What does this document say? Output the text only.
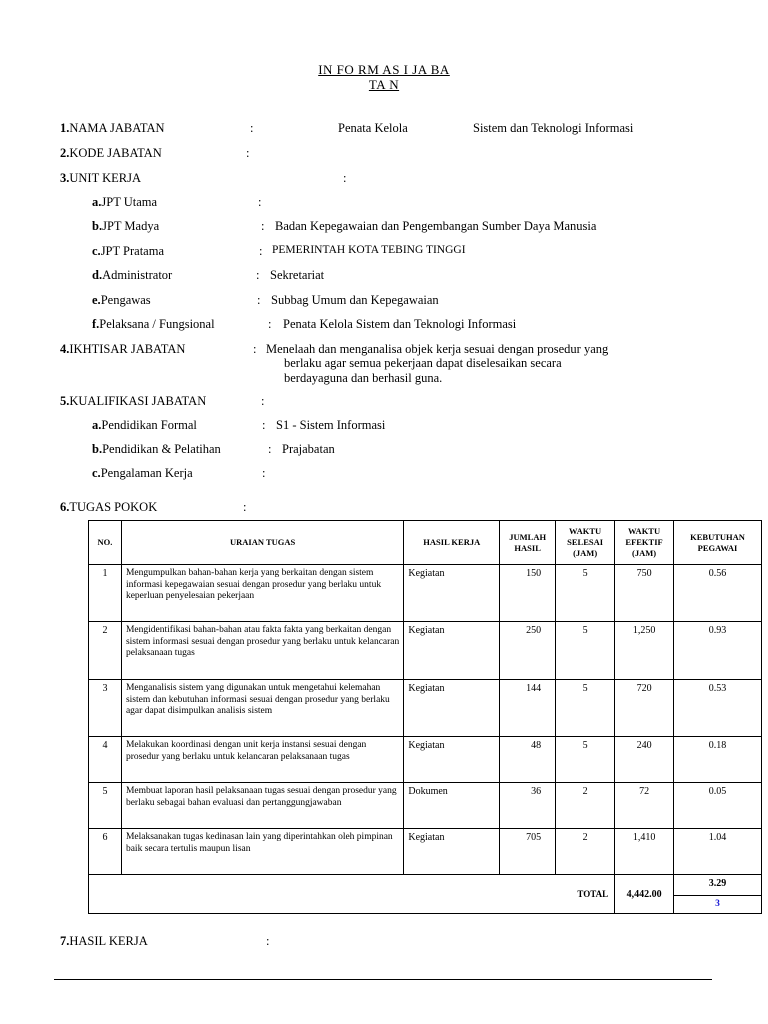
IN FO RM AS I JA BA
TA N
1.NAMA JABATAN	:	Penata Kelola	Sistem dan Teknologi Informasi
2.KODE JABATAN	:
3.UNIT KERJA	:
a.JPT Utama	:
b.JPT Madya	: Badan Kepegawaian dan Pengembangan Sumber Daya Manusia
c.JPT Pratama	: PEMERINTAH KOTA TEBING TINGGI
d.Administrator	: Sekretariat
e.Pengawas	: Subbag Umum dan Kepegawaian
f.Pelaksana / Fungsional	: Penata Kelola Sistem dan Teknologi Informasi
4.IKHTISAR JABATAN	: Menelaah dan menganalisa objek kerja sesuai dengan prosedur yang
berlaku agar semua pekerjaan dapat diselesaikan secara
berdayaguna dan berhasil guna.
5.KUALIFIKASI JABATAN	:
a.Pendidikan Formal	: S1 - Sistem Informasi
b.Pendidikan & Pelatihan	: Prajabatan
c.Pengalaman Kerja	:
6.TUGAS POKOK	:
NO.	URAIAN TUGAS	HASIL KERJA	JUMLAH HASIL	WAKTU SELESAI (JAM)	WAKTU EFEKTIF (JAM)	KEBUTUHAN PEGAWAI
1	Mengumpulkan bahan-bahan kerja yang berkaitan dengan sistem informasi kepegawaian sesuai dengan prosedur yang berlaku untuk keperluan penyelesaian pekerjaan	Kegiatan	150	5	750	0.56
2	Mengidentifikasi bahan-bahan atau fakta fakta yang berkaitan dengan sistem informasi sesuai dengan prosedur yang berlaku untuk kelancaran pelaksanaan tugas	Kegiatan	250	5	1,250	0.93
3	Menganalisis sistem yang digunakan untuk mengetahui kelemahan sistem dan kebutuhan informasi sesuai dengan prosedur yang berlaku agar dapat disimpulkan analisis sistem	Kegiatan	144	5	720	0.53
4	Melakukan koordinasi dengan unit kerja instansi sesuai dengan prosedur yang berlaku untuk kelancaran pelaksanaan tugas	Kegiatan	48	5	240	0.18
5	Membuat laporan hasil pelaksanaan tugas sesuai dengan prosedur yang berlaku sebagai bahan evaluasi dan pertanggungjawaban	Dokumen	36	2	72	0.05
6	Melaksanakan tugas kedinasan lain yang diperintahkan oleh pimpinan baik secara tertulis maupun lisan	Kegiatan	705	2	1,410	1.04
TOTAL					4,442.00	3.29
						3
7.HASIL KERJA	:
